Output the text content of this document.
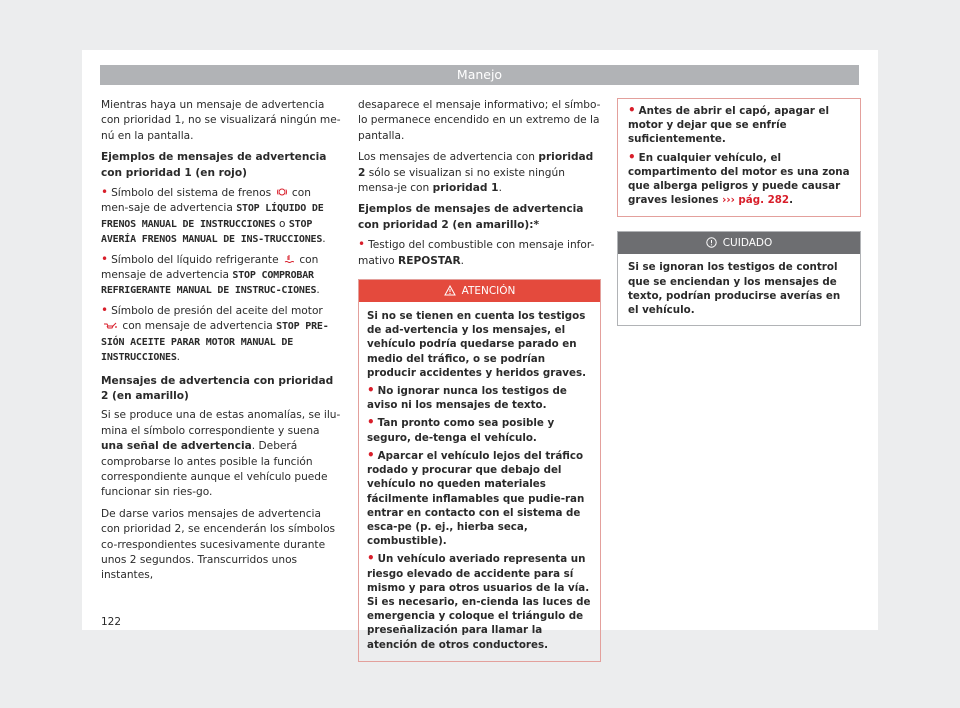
Manejo

Mientras haya un mensaje de advertencia con prioridad 1, no se visualizará ningún me-nú en la pantalla.

Ejemplos de mensajes de advertencia con prioridad 1 (en rojo)

• Símbolo del sistema de frenos con men-saje de advertencia STOP LÍQUIDO DE FRENOS MANUAL DE INSTRUCCIONES o STOP AVERÍA FRENOS MANUAL DE INS-TRUCCIONES.
• Símbolo del líquido refrigerante con mensaje de advertencia STOP COMPROBAR REFRIGERANTE MANUAL DE INSTRUC-CIONES.
• Símbolo de presión del aceite del motor
con mensaje de advertencia STOP PRE-SIÓN ACEITE PARAR MOTOR MANUAL DE INSTRUCCIONES.

Mensajes de advertencia con prioridad 2 (en amarillo)

Si se produce una de estas anomalías, se ilu-mina el símbolo correspondiente y suena una señal de advertencia. Deberá comprobarse lo antes posible la función correspondiente aunque el vehículo puede funcionar sin ries-go.

De darse varios mensajes de advertencia con prioridad 2, se encenderán los símbolos co-rrespondientes sucesivamente durante unos 2 segundos. Transcurridos unos instantes,

desaparece el mensaje informativo; el símbo-lo permanece encendido en un extremo de la pantalla.

Los mensajes de advertencia con prioridad 2 sólo se visualizan si no existe ningún mensa-je con prioridad 1.

Ejemplos de mensajes de advertencia con prioridad 2 (en amarillo):*

• Testigo del combustible con mensaje infor-mativo REPOSTAR.
ATENCIÓN

Si no se tienen en cuenta los testigos de ad-vertencia y los mensajes, el vehículo podría quedarse parado en medio del tráfico, o se podrían producir accidentes y heridos graves.

• No ignorar nunca los testigos de aviso ni los mensajes de texto.
• Tan pronto como sea posible y seguro, de-tenga el vehículo.
• Aparcar el vehículo lejos del tráfico rodado y procurar que debajo del vehículo no queden materiales fácilmente inflamables que pudie-ran entrar en contacto con el sistema de esca-pe (p. ej., hierba seca, combustible).
• Un vehículo averiado representa un riesgo elevado de accidente para sí mismo y para otros usuarios de la vía. Si es necesario, en-cienda las luces de emergencia y coloque el triángulo de preseñalización para llamar la atención de otros conductores.
• Antes de abrir el capó, apagar el motor y dejar que se enfríe suficientemente.
• En cualquier vehículo, el compartimento del motor es una zona que alberga peligros y puede causar graves lesiones ››› pág. 282.
CUIDADO
Si se ignoran los testigos de control que se enciendan y los mensajes de texto, podrían producirse averías en el vehículo.
122
